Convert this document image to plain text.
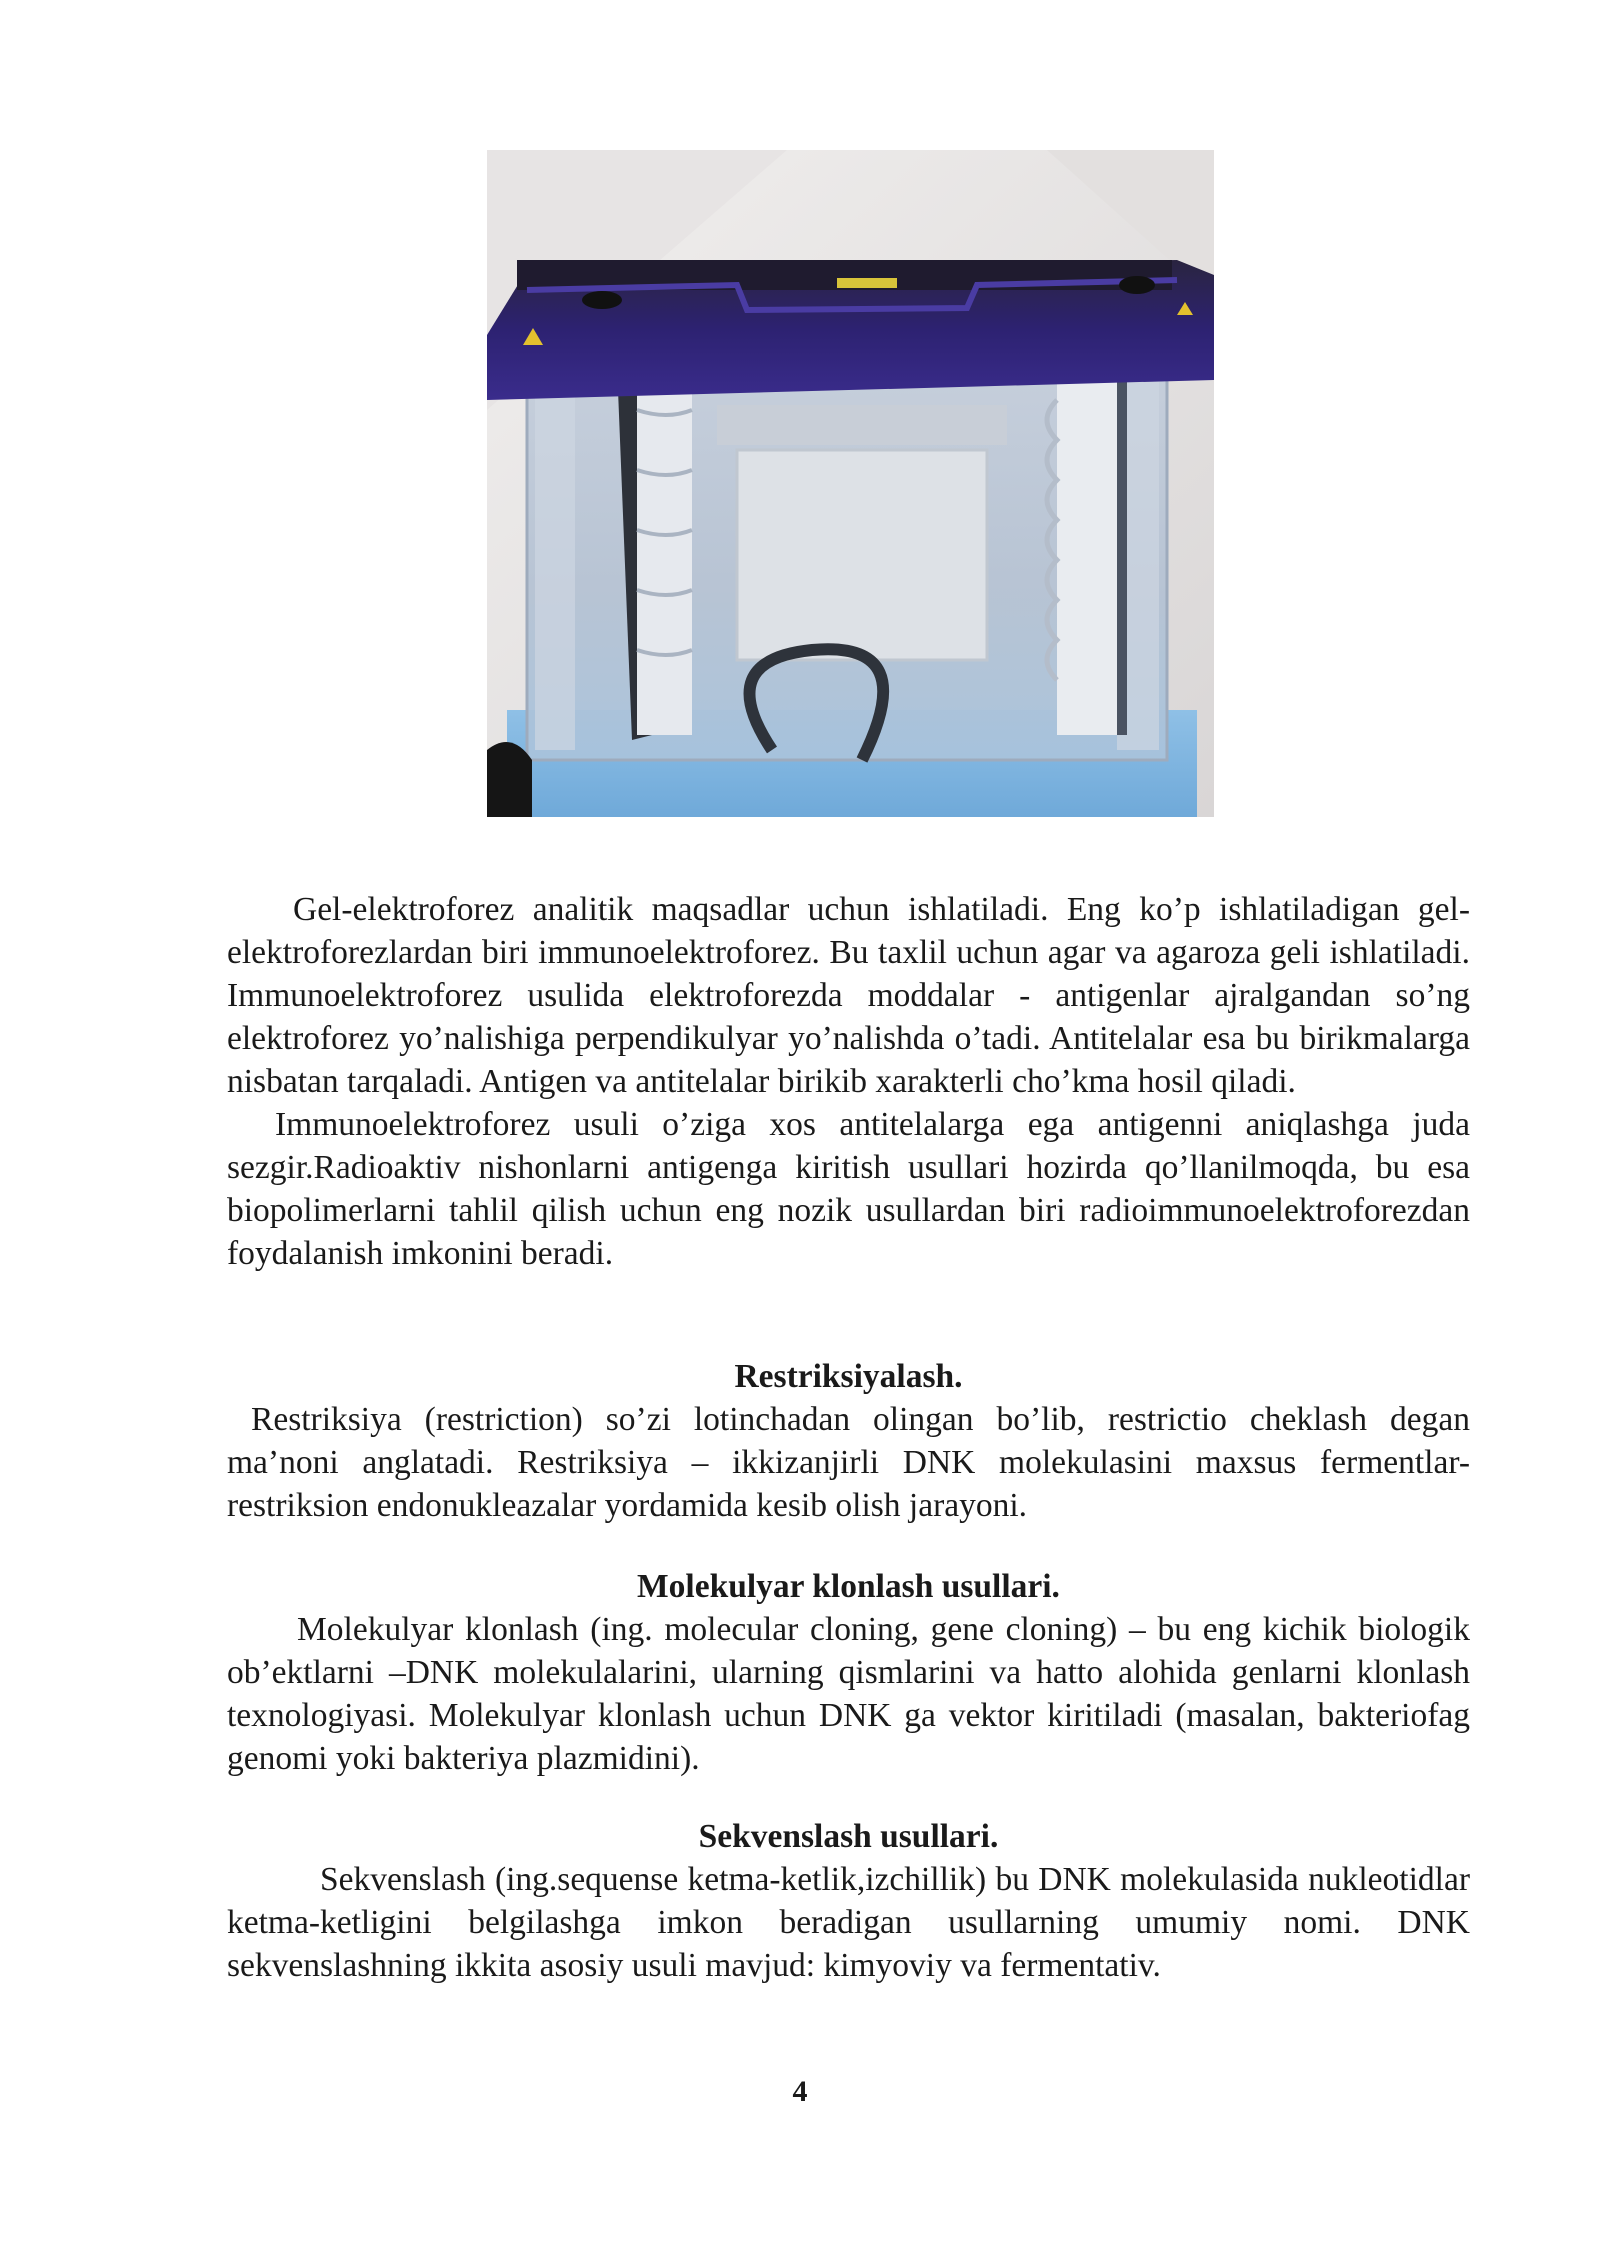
Gel-elektroforez analitik maqsadlar uchun ishlatiladi. Eng ko’p ishlatiladigan gel-elektroforezlardan biri immunoelektroforez. Bu taxlil uchun agar va agaroza geli ishlatiladi. Immunoelektroforez usulida elektroforezda moddalar - antigenlar ajralgandan so’ng elektroforez yo’nalishiga perpendikulyar yo’nalishda o’tadi. Antitelalar esa bu birikmalarga nisbatan tarqaladi. Antigen va antitelalar birikib xarakterli cho’kma hosil qiladi.

Immunoelektroforez usuli o’ziga xos antitelalarga ega antigenni aniqlashga juda sezgir.Radioaktiv nishonlarni antigenga kiritish usullari hozirda qo’llanilmoqda, bu esa biopolimerlarni tahlil qilish uchun eng nozik usullardan biri radioimmunoelektroforezdan foydalanish imkonini beradi.

Restriksiyalash.

Restriksiya (restriction) so’zi lotinchadan olingan bo’lib, restrictio cheklash degan ma’noni anglatadi. Restriksiya – ikkizanjirli DNK molekulasini maxsus fermentlar-restriksion endonukleazalar yordamida kesib olish jarayoni.

Molekulyar klonlash usullari.

Molekulyar klonlash (ing. molecular cloning, gene cloning) – bu eng kichik biologik ob’ektlarni –DNK molekulalarini, ularning qismlarini va hatto alohida genlarni klonlash texnologiyasi. Molekulyar klonlash uchun DNK ga vektor kiritiladi (masalan, bakteriofag genomi yoki bakteriya plazmidini).

Sekvenslash usullari.

Sekvenslash (ing.sequense ketma-ketlik,izchillik) bu DNK molekulasida nukleotidlar ketma-ketligini belgilashga imkon beradigan usullarning umumiy nomi. DNK sekvenslashning ikkita asosiy usuli mavjud: kimyoviy va fermentativ.

4
